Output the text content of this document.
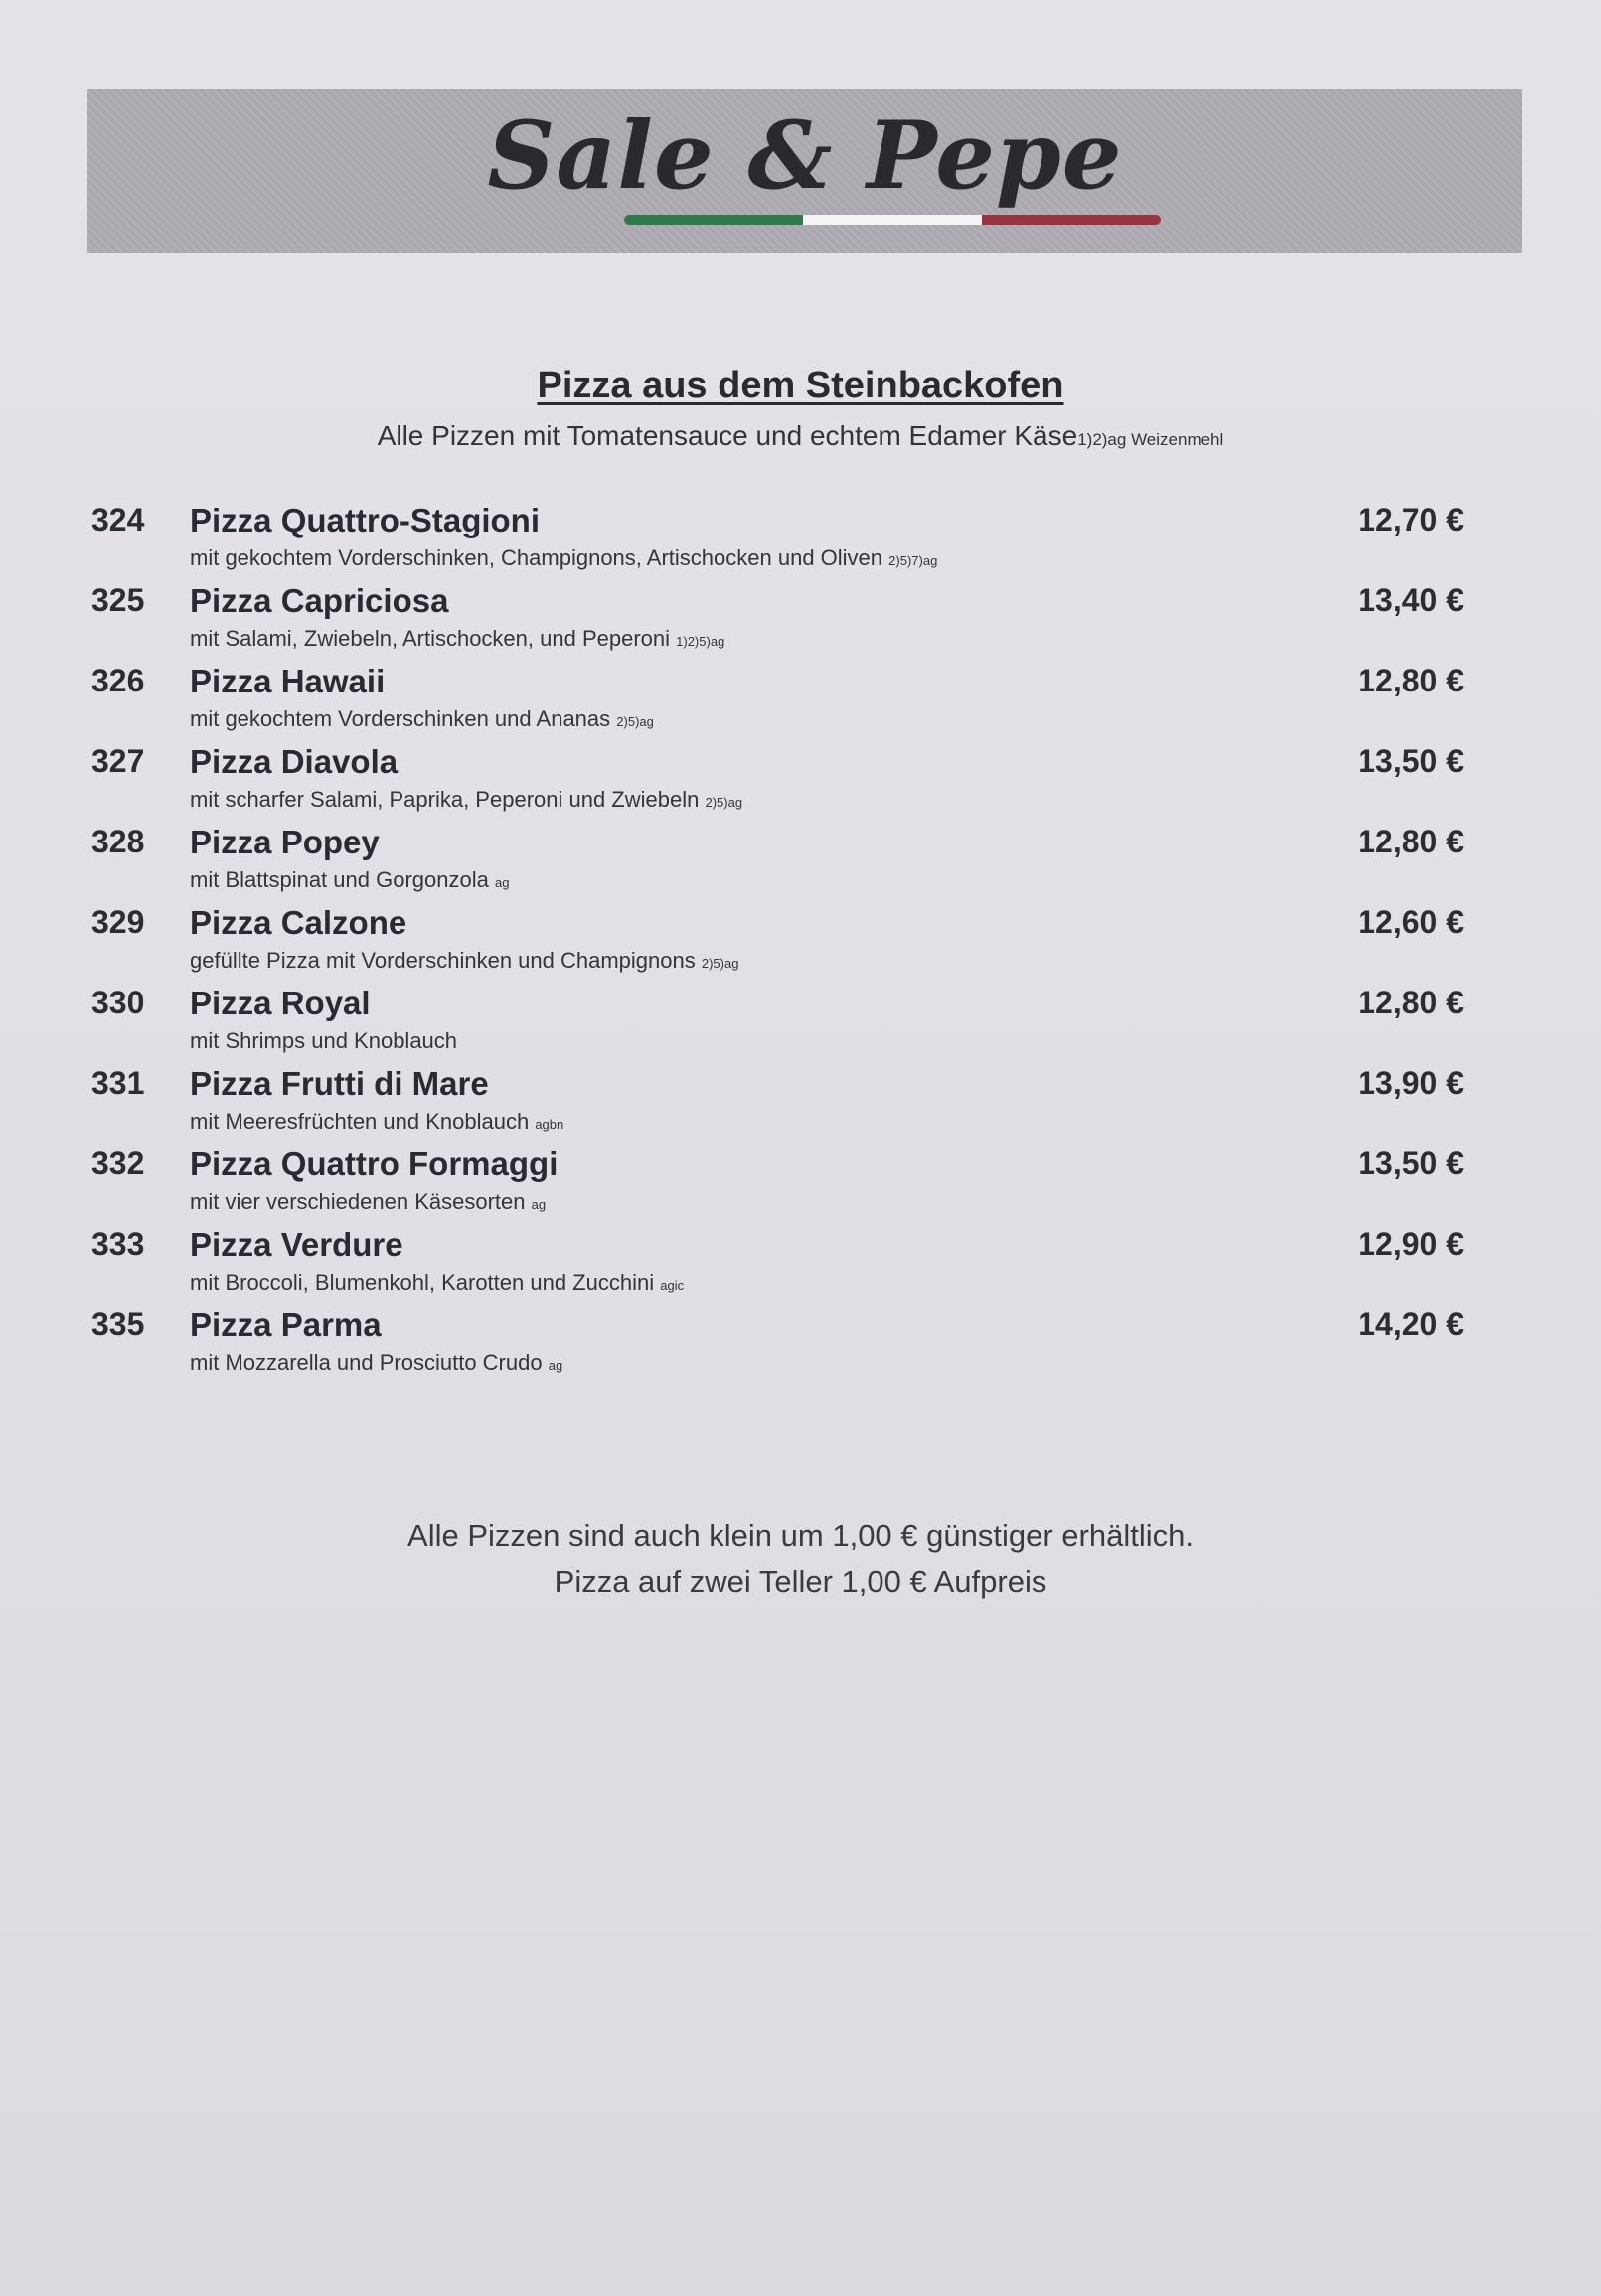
Sale & Pepe
Pizza aus dem Steinbackofen
Alle Pizzen mit Tomatensauce und echtem Edamer Käse1)2)ag Weizenmehl
324 Pizza Quattro-Stagioni
mit gekochtem Vorderschinken, Champignons, Artischocken und Oliven 2)5)7)ag
12,70 €
325 Pizza Capriciosa
mit Salami, Zwiebeln, Artischocken, und Peperoni 1)2)5)ag
13,40 €
326 Pizza Hawaii
mit gekochtem Vorderschinken und Ananas 2)5)ag
12,80 €
327 Pizza Diavola
mit scharfer Salami, Paprika, Peperoni und Zwiebeln 2)5)ag
13,50 €
328 Pizza Popey
mit Blattspinat und Gorgonzola ag
12,80 €
329 Pizza Calzone
gefüllte Pizza mit Vorderschinken und Champignons 2)5)ag
12,60 €
330 Pizza Royal
mit Shrimps und Knoblauch
12,80 €
331 Pizza Frutti di Mare
mit Meeresfrüchten und Knoblauch agbn
13,90 €
332 Pizza Quattro Formaggi
mit vier verschiedenen Käsesorten ag
13,50 €
333 Pizza Verdure
mit Broccoli, Blumenkohl, Karotten und Zucchini agic
12,90 €
335 Pizza Parma
mit Mozzarella und Prosciutto Crudo ag
14,20 €
Alle Pizzen sind auch klein um 1,00 € günstiger erhältlich.
Pizza auf zwei Teller 1,00 € Aufpreis
